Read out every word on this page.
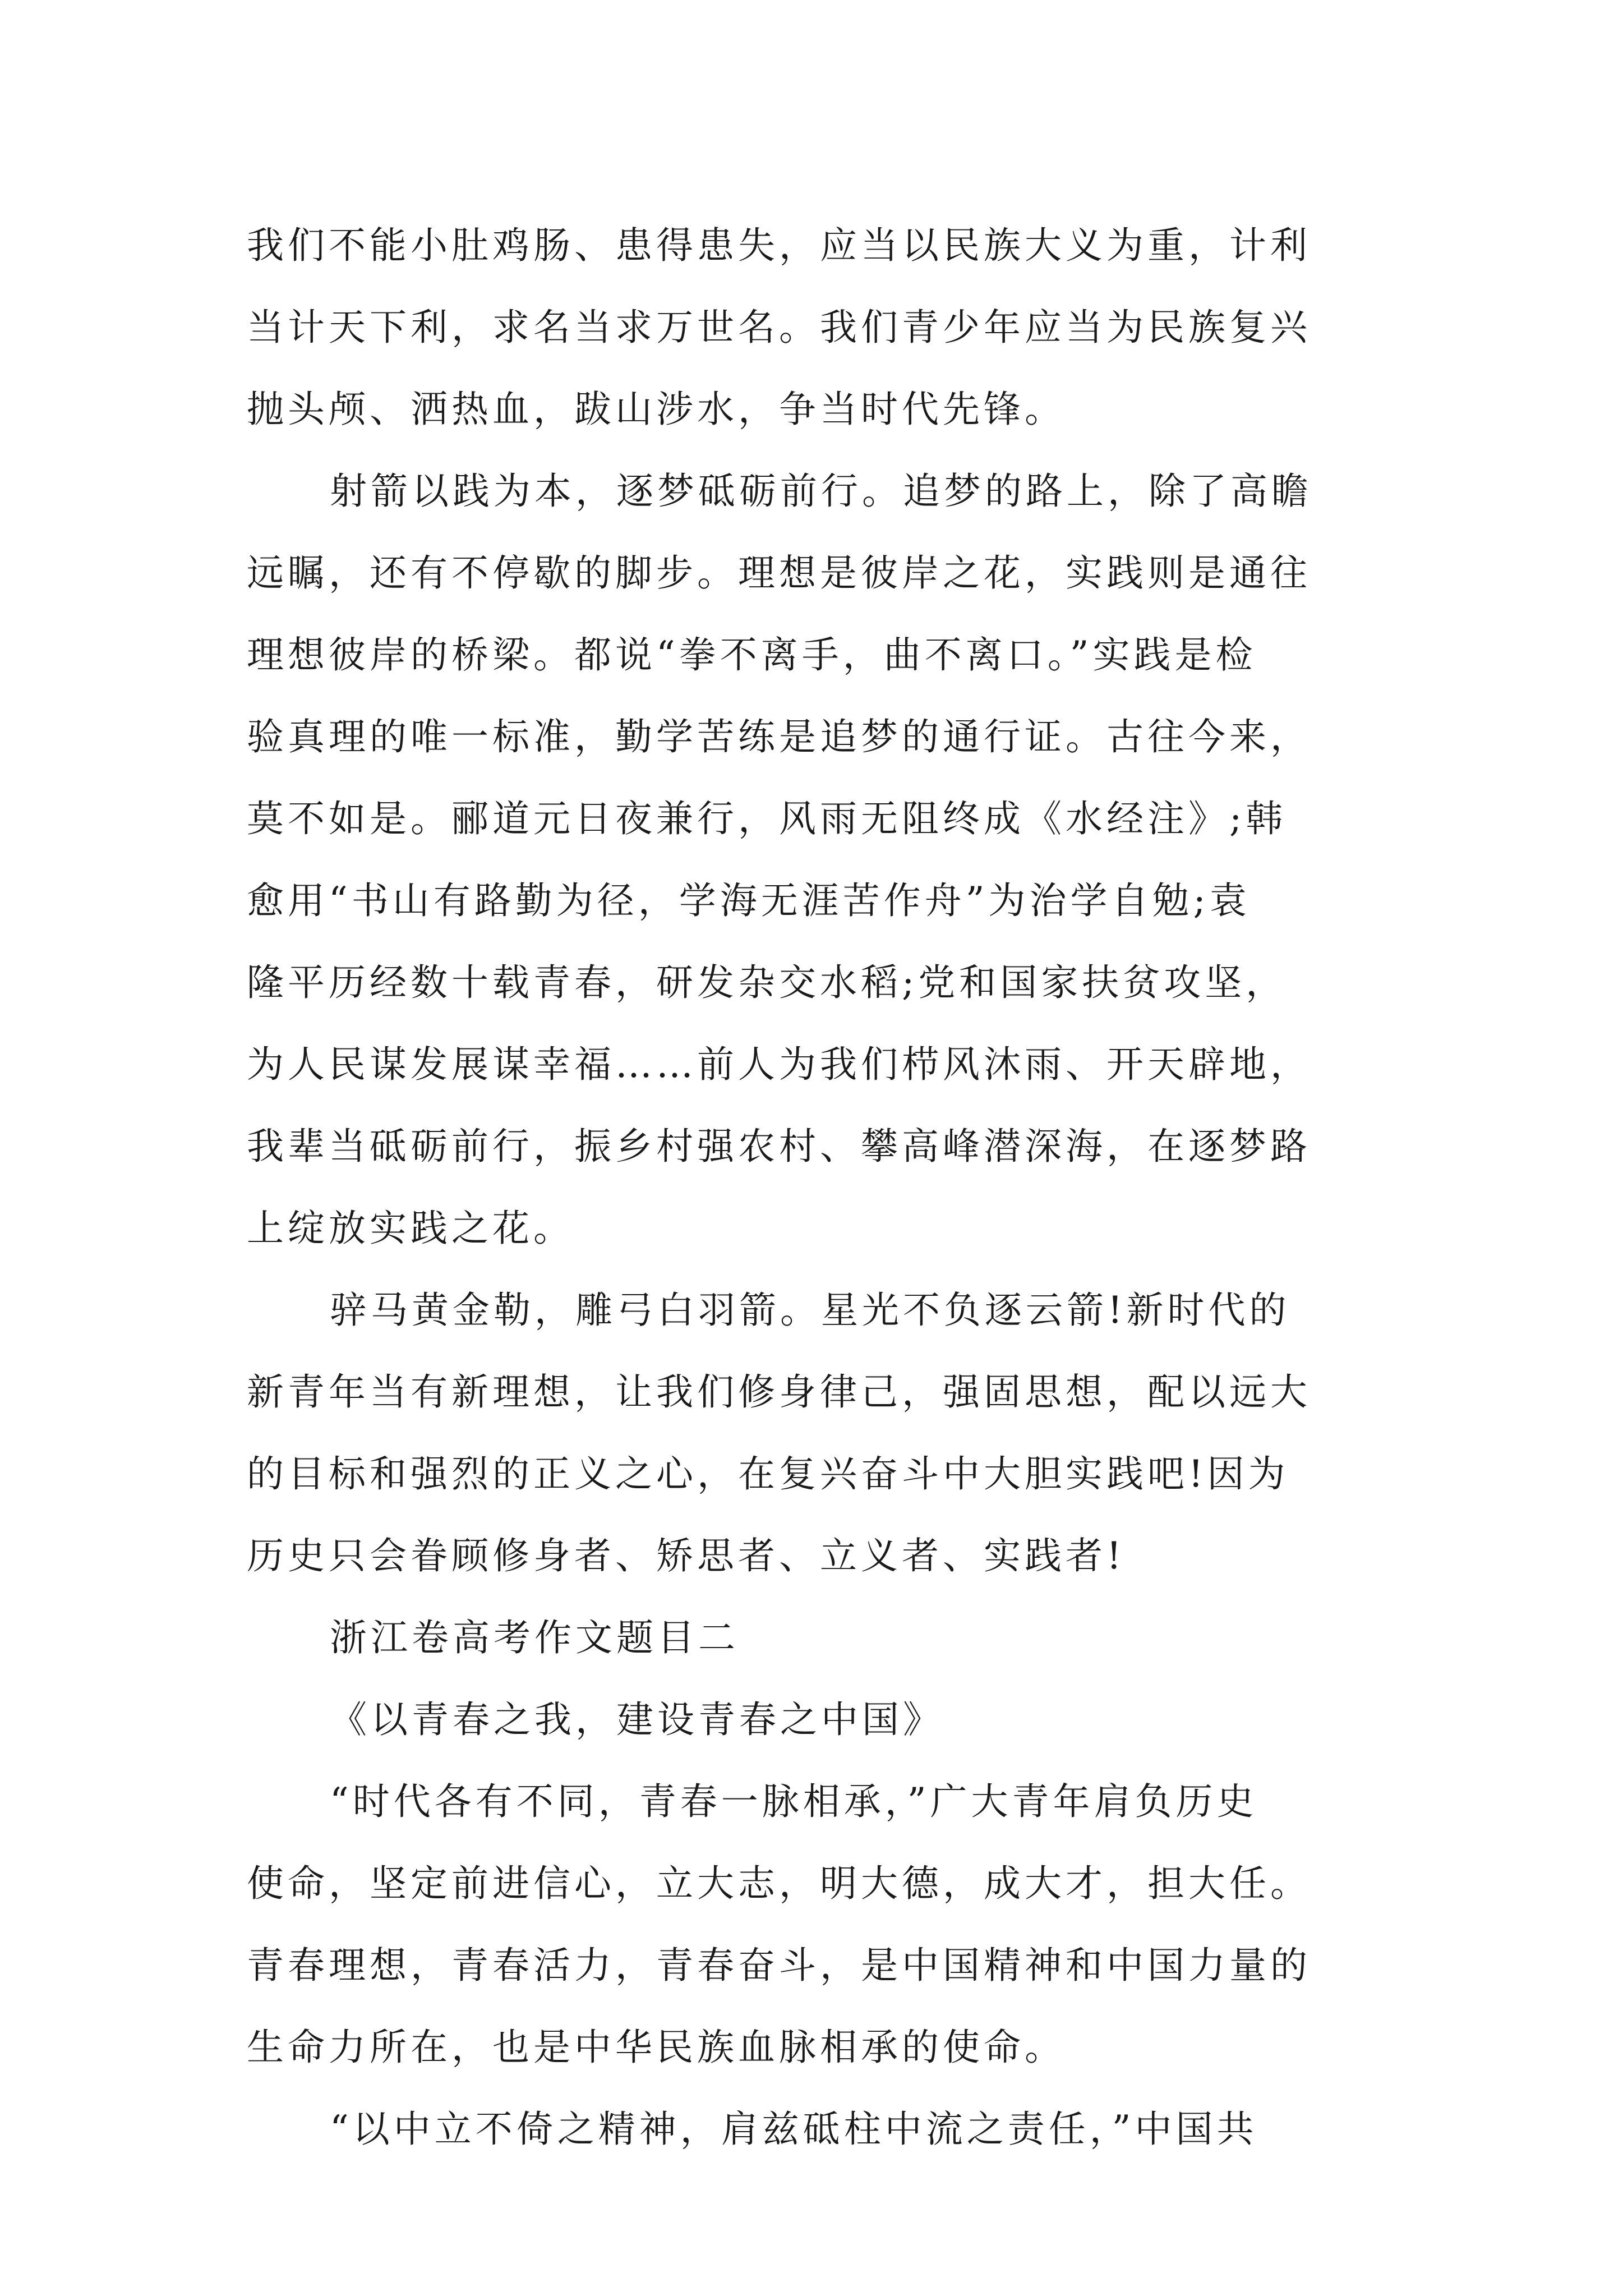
我们不能小肚鸡肠、患得患失，应当以民族大义为重，计利
当计天下利，求名当求万世名。我们青少年应当为民族复兴
抛头颅、洒热血，跋山涉水，争当时代先锋。
射箭以践为本，逐梦砥砺前行。追梦的路上，除了高瞻
远瞩，还有不停歇的脚步。理想是彼岸之花，实践则是通往
理想彼岸的桥梁。都说“拳不离手，曲不离口。”实践是检
验真理的唯一标准，勤学苦练是追梦的通行证。古往今来，
莫不如是。郦道元日夜兼行，风雨无阻终成《水经注》;韩
愈用“书山有路勤为径，学海无涯苦作舟”为治学自勉;袁
隆平历经数十载青春，研发杂交水稻;党和国家扶贫攻坚，
为人民谋发展谋幸福……前人为我们栉风沐雨、开天辟地，
我辈当砥砺前行，振乡村强农村、攀高峰潜深海，在逐梦路
上绽放实践之花。
骍马黄金勒，雕弓白羽箭。星光不负逐云箭!新时代的
新青年当有新理想，让我们修身律己，强固思想，配以远大
的目标和强烈的正义之心，在复兴奋斗中大胆实践吧!因为
历史只会眷顾修身者、矫思者、立义者、实践者!
浙江卷高考作文题目二
《以青春之我，建设青春之中国》
“时代各有不同，青春一脉相承，”广大青年肩负历史
使命，坚定前进信心，立大志，明大德，成大才，担大任。
青春理想，青春活力，青春奋斗，是中国精神和中国力量的
生命力所在，也是中华民族血脉相承的使命。
“以中立不倚之精神，肩兹砥柱中流之责任，”中国共
